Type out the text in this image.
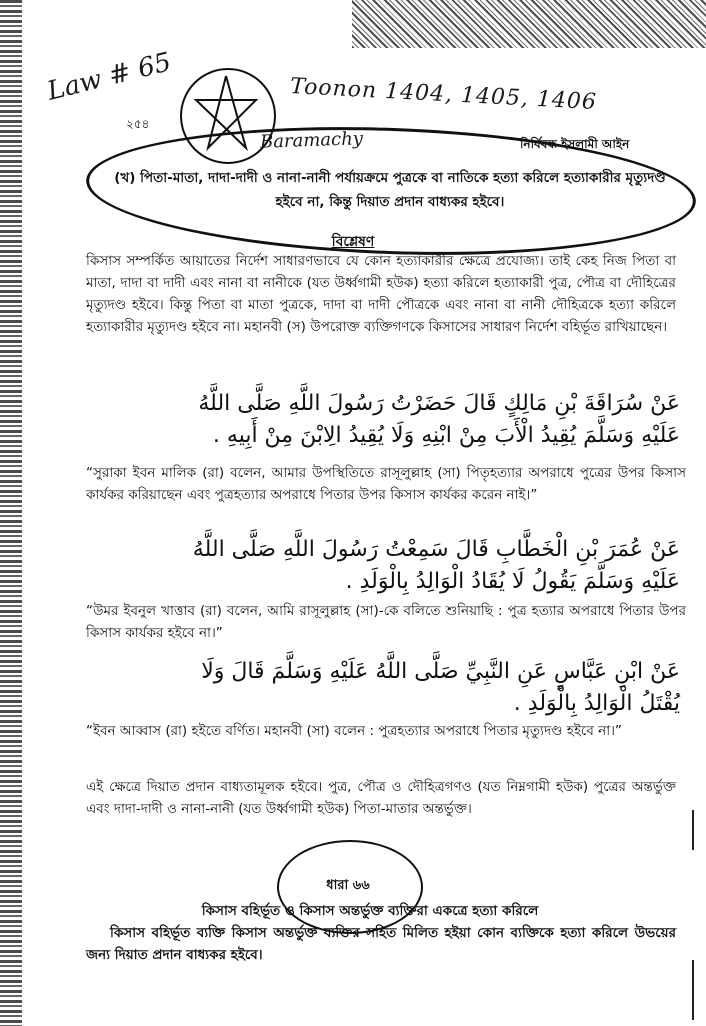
Law # 65	Toonon 1404, 1405, 1406
২৫৪
Baramachy	নির্বিবন্ধ ইসলামী আইন
(খ) পিতা-মাতা, দাদা-দাদী ও নানা-নানী পর্যায়ক্রমে পুত্রকে বা নাতিকে হত্যা করিলে হত্যাকারীর মৃত্যুদণ্ড হইবে না, কিন্তু দিয়াত প্রদান বাধ্যকর হইবে।
বিশ্লেষণ
কিসাস সম্পর্কিত আয়াতের নির্দেশ সাধারণভাবে যে কোন হত্যাকারীর ক্ষেত্রে প্রযোজ্য। তাই কেহ নিজ পিতা বা মাতা, দাদা বা দাদী এবং নানা বা নানীকে (যত উর্ধ্বগামী হউক) হত্যা করিলে হত্যাকারী পুত্র, পৌত্র বা দৌহিত্রের মৃত্যুদণ্ড হইবে। কিন্তু পিতা বা মাতা পুত্রকে, দাদা বা দাদী পৌত্রকে এবং নানা বা নানী দৌহিত্রকে হত্যা করিলে হত্যাকারীর মৃত্যুদণ্ড হইবে না। মহানবী (স) উপরোক্ত ব্যক্তিগণকে কিসাসের সাধারণ নির্দেশ বহির্ভূত রাখিয়াছেন।
عَنْ سُرَاقَةَ بْنِ مَالِكٍ قَالَ حَضَرْتُ رَسُولَ اللَّهِ صَلَّى اللَّهُ
عَلَيْهِ وَسَلَّمَ يُقِيدُ الْأَبَ مِنْ ابْنِهِ وَلَا يُقِيدُ الِابْنَ مِنْ أَبِيهِ .
“সুরাকা ইবন মালিক (রা) বলেন, আমার উপস্থিতিতে রাসূলুল্লাহ (সা) পিতৃহত্যার অপরাধে পুত্রের উপর কিসাস কার্যকর করিয়াছেন এবং পুত্রহত্যার অপরাধে পিতার উপর কিসাস কার্যকর করেন নাই।”
عَنْ عُمَرَ بْنِ الْخَطَّابِ قَالَ سَمِعْتُ رَسُولَ اللَّهِ صَلَّى اللَّهُ
عَلَيْهِ وَسَلَّمَ يَقُولُ لَا يُقَادُ الْوَالِدُ بِالْوَلَدِ .
“উমর ইবনুল খাত্তাব (রা) বলেন, আমি রাসূলুল্লাহ (সা)-কে বলিতে শুনিয়াছি : পুত্র হত্যার অপরাধে পিতার উপর কিসাস কার্যকর হইবে না।”
عَنْ ابْنِ عَبَّاسٍ عَنِ النَّبِيِّ صَلَّى اللَّهُ عَلَيْهِ وَسَلَّمَ قَالَ وَلَا
يُقْتَلُ الْوَالِدُ بِالْوَلَدِ .
“ইবন আব্বাস (রা) হইতে বর্ণিত। মহানবী (সা) বলেন : পুত্রহত্যার অপরাধে পিতার মৃত্যুদণ্ড হইবে না।”
এই ক্ষেত্রে দিয়াত প্রদান বাধ্যতামূলক হইবে। পুত্র, পৌত্র ও দৌহিত্রগণও (যত নিম্নগামী হউক) পুত্রের অন্তর্ভুক্ত এবং দাদা-দাদী ও নানা-নানী (যত উর্ধ্বগামী হউক) পিতা-মাতার অন্তর্ভুক্ত।
ধারা ৬৬
কিসাস বহির্ভূত ও কিসাস অন্তর্ভুক্ত ব্যক্তিরা একত্রে হত্যা করিলে
কিসাস বহির্ভূত ব্যক্তি কিসাস অন্তর্ভুক্ত ব্যক্তির সহিত মিলিত হইয়া কোন ব্যক্তিকে হত্যা করিলে উভয়ের জন্য দিয়াত প্রদান বাধ্যকর হইবে।
